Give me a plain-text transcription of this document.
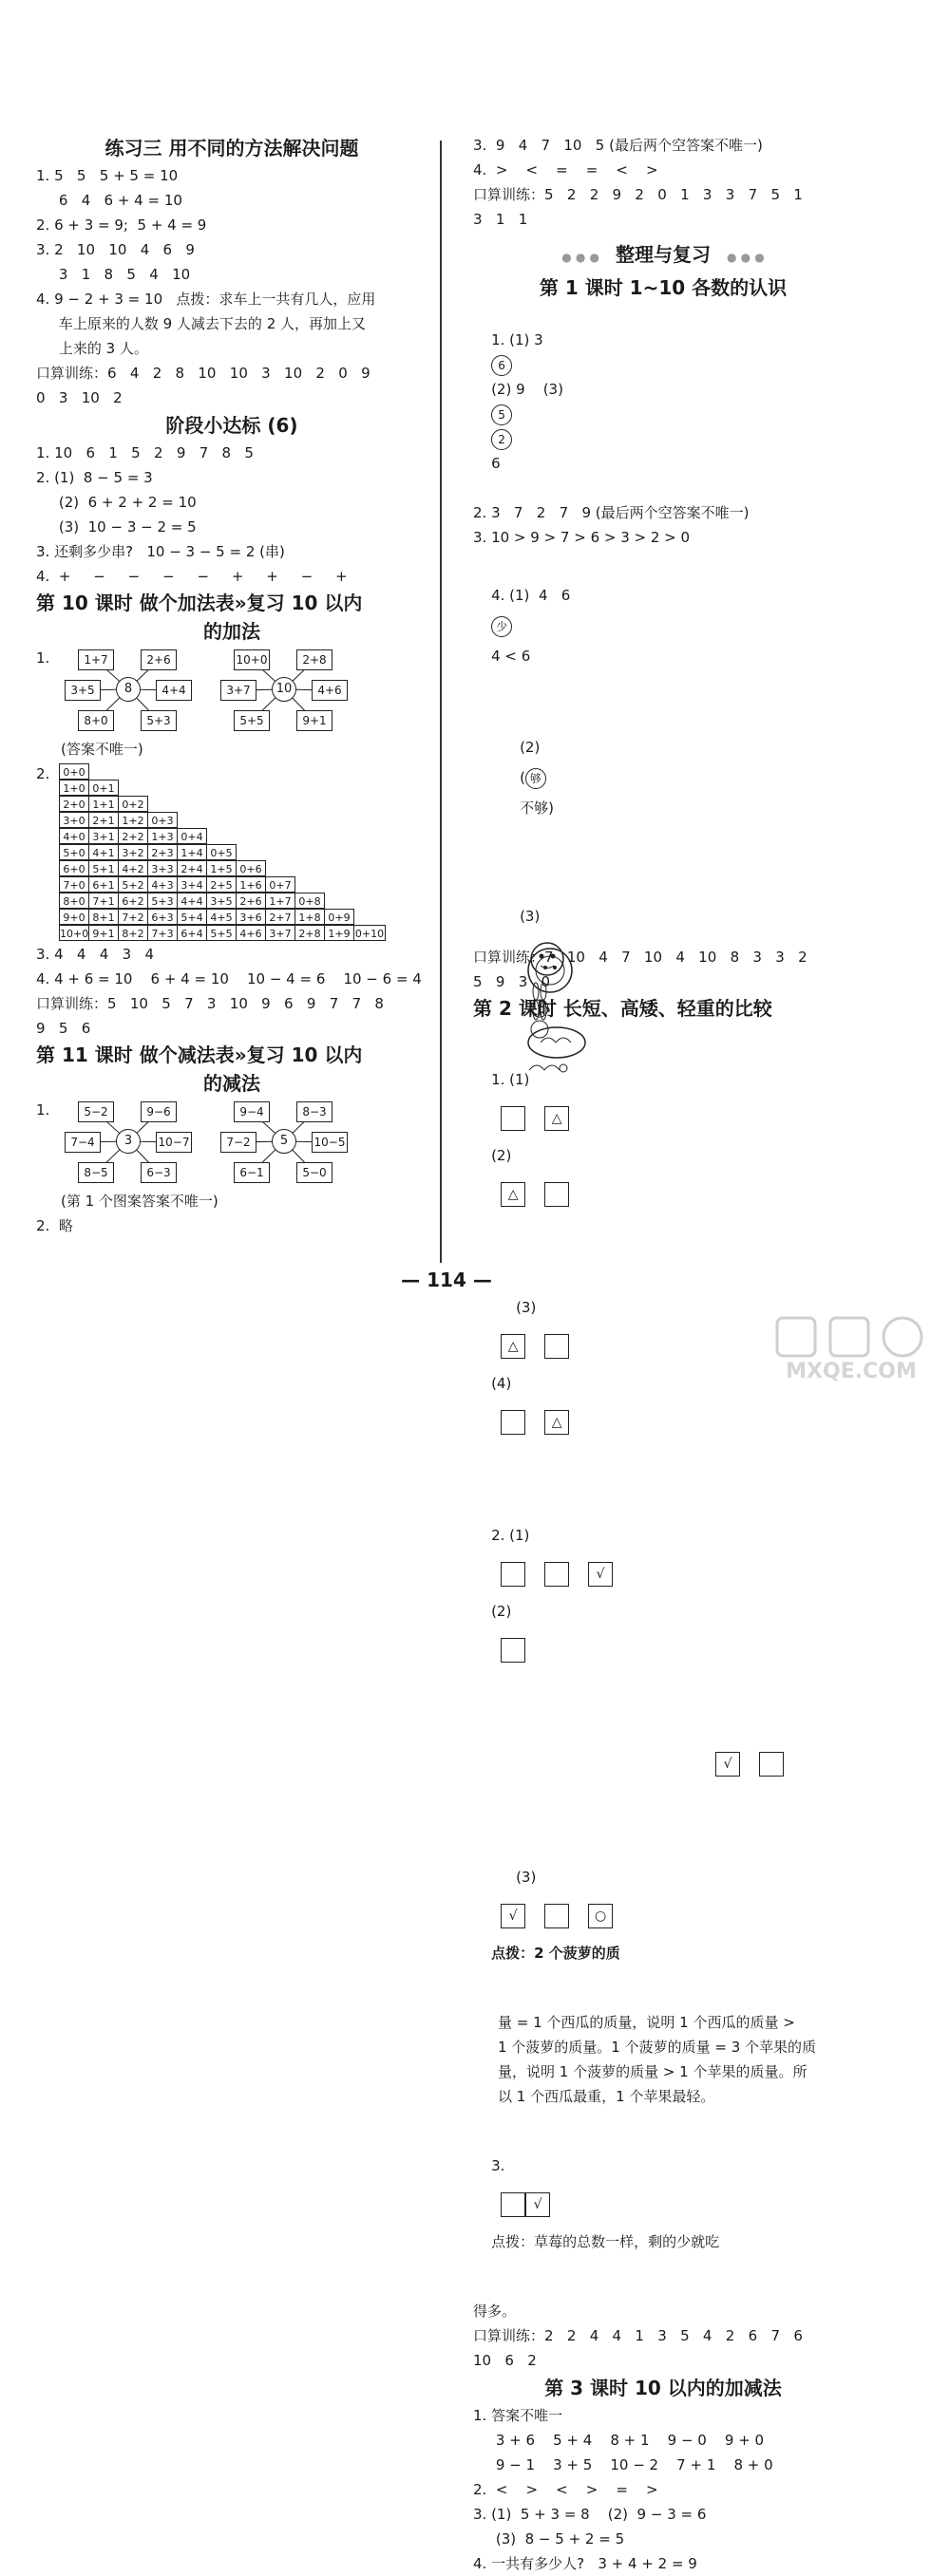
练习三 用不同的方法解决问题
1. 5   5   5 + 5 = 10
6   4   6 + 4 = 10
2. 6 + 3 = 9;  5 + 4 = 9
3. 2   10   10   4   6   9
3   1   8   5   4   10
4. 9 − 2 + 3 = 10   点拨：求车上一共有几人，应用
车上原来的人数 9 人减去下去的 2 人，再加上又
上来的 3 人。
口算训练：6   4   2   8   10   10   3   10   2   0   9
0   3   10   2
阶段小达标 (6)
1. 10   6   1   5   2   9   7   8   5
2. (1)  8 − 5 = 3
(2)  6 + 2 + 2 = 10
(3)  10 − 3 − 2 = 5
3. 还剩多少串?   10 − 3 − 5 = 2 (串)
4.  +     −     −     −     −     +     +     −     +
第 10 课时 做个加法表»复习 10 以内
的加法
1.	1+7	2+6
3+5	4+4
8+0	5+3
8
10+0	2+8
3+7	4+6
5+5	9+1
10
(答案不唯一)
2.	0+0
1+0 0+1
2+0 1+1 0+2
3+0 2+1 1+2 0+3
4+0 3+1 2+2 1+3 0+4
5+0 4+1 3+2 2+3 1+4 0+5
6+0 5+1 4+2 3+3 2+4 1+5 0+6
7+0 6+1 5+2 4+3 3+4 2+5 1+6 0+7
8+0 7+1 6+2 5+3 4+4 3+5 2+6 1+7 0+8
9+0 8+1 7+2 6+3 5+4 4+5 3+6 2+7 1+8 0+9
10+0 9+1 8+2 7+3 6+4 5+5 4+6 3+7 2+8 1+9 0+10
3. 4   4   4   3   4
4. 4 + 6 = 10    6 + 4 = 10    10 − 4 = 6    10 − 6 = 4
口算训练：5   10   5   7   3   10   9   6   9   7   7   8
9   5   6
第 11 课时 做个减法表»复习 10 以内
的减法
1.	5−2	9−6
7−4	10−7
8−5	6−3
3
9−4	8−3
7−2	10−5
6−1	5−0
5
(第 1 个图案答案不唯一)
2.  略
3.  9   4   7   10   5 (最后两个空答案不唯一)
4.  >    <    =    =    <    >
口算训练：5   2   2   9   2   0   1   3   3   7   5   1
3   1   1
● ● ● 整理与复习 ● ● ●
第 1 课时 1~10 各数的认识

1. (1) 3
6
(2) 9    (3)
5
2
6

2. 3   7   2   7   9 (最后两个空答案不唯一)
3. 10 > 9 > 7 > 6 > 3 > 2 > 0

4. (1)  4   6
少
4 < 6

(2)
( 够
不够)

(3)

口算训练：7   10   4   7   10   4   10   8   3   3   2
5   9   3   0
第 2 课时 长短、高矮、轻重的比较

1. (1)
△
(2)
△

(3)
△
(4)
△

2. (1)
√
(2)

√

(3)
√	○
点拨：2 个菠萝的质

量 = 1 个西瓜的质量，说明 1 个西瓜的质量 >
1 个菠萝的质量。1 个菠萝的质量 = 3 个苹果的质
量，说明 1 个菠萝的质量 > 1 个苹果的质量。所
以 1 个西瓜最重，1 个苹果最轻。

3.
√
点拨：草莓的总数一样，剩的少就吃

得多。
口算训练：2   2   4   4   1   3   5   4   2   6   7   6
10   6   2
第 3 课时 10 以内的加减法
1. 答案不唯一
3 + 6    5 + 4    8 + 1    9 − 0    9 + 0
9 − 1    3 + 5    10 − 2    7 + 1    8 + 0
2.  <    >    <    >    =    >
3. (1)  5 + 3 = 8    (2)  9 − 3 = 6
(3)  8 − 5 + 2 = 5
4. 一共有多少人?   3 + 4 + 2 = 9
— 114 —
MXQE.COM
